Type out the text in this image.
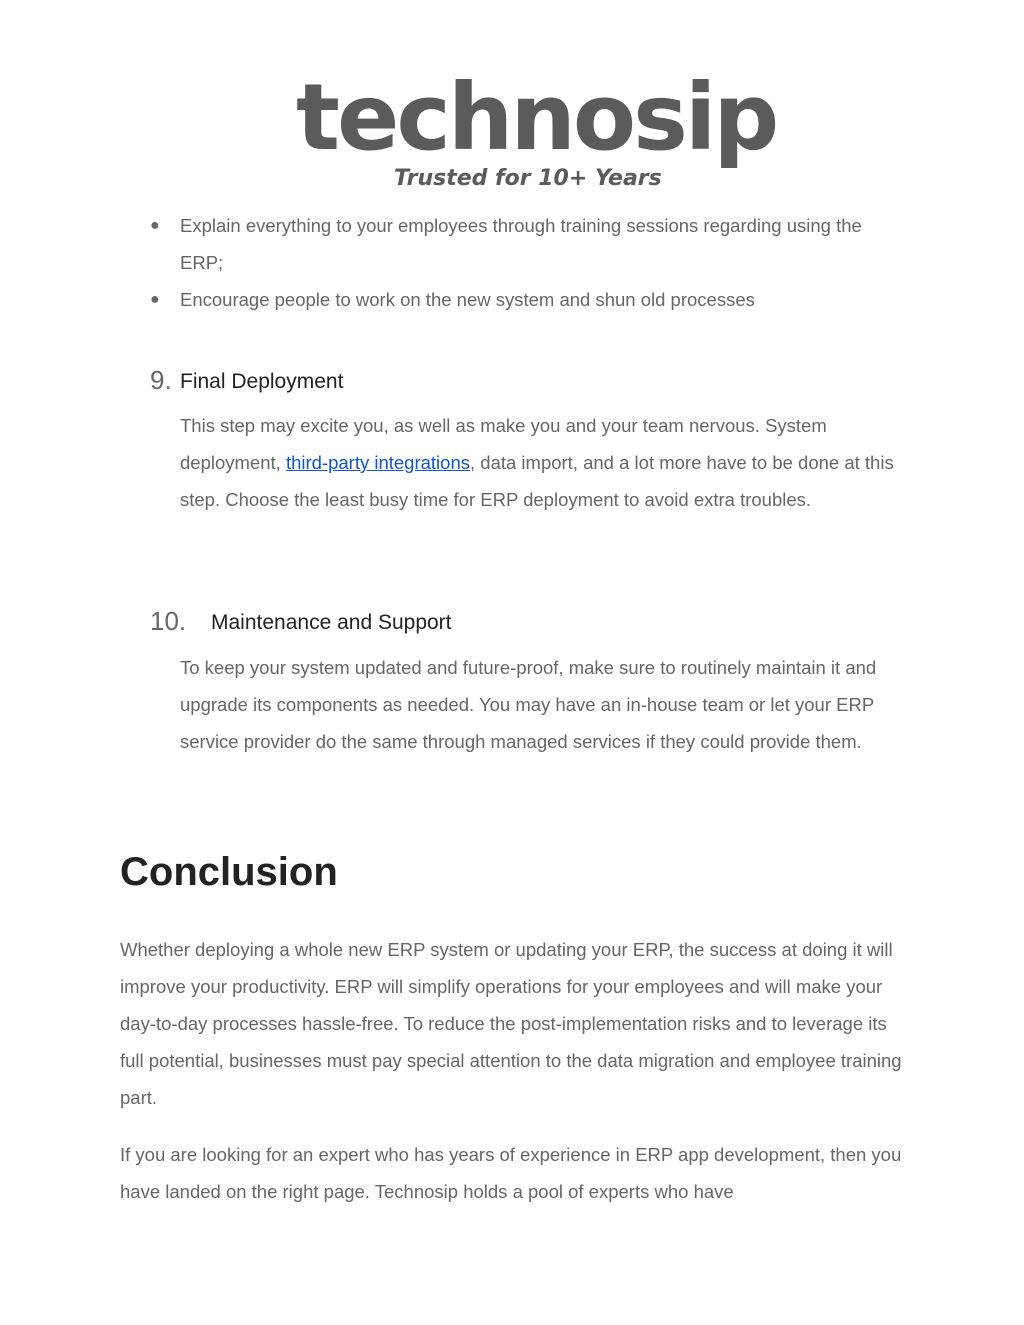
technosip
Trusted for 10+ Years
● Explain everything to your employees through training sessions regarding using the ERP;
● Encourage people to work on the new system and shun old processes
9. Final Deployment

This step may excite you, as well as make you and your team nervous. System deployment, third-party integrations, data import, and a lot more have to be done at this step. Choose the least busy time for ERP deployment to avoid extra troubles.

10. Maintenance and Support

To keep your system updated and future-proof, make sure to routinely maintain it and upgrade its components as needed. You may have an in-house team or let your ERP service provider do the same through managed services if they could provide them.

Conclusion

Whether deploying a whole new ERP system or updating your ERP, the success at doing it will improve your productivity. ERP will simplify operations for your employees and will make your day-to-day processes hassle-free. To reduce the post-implementation risks and to leverage its full potential, businesses must pay special attention to the data migration and employee training part.

If you are looking for an expert who has years of experience in ERP app development, then you have landed on the right page. Technosip holds a pool of experts who have
